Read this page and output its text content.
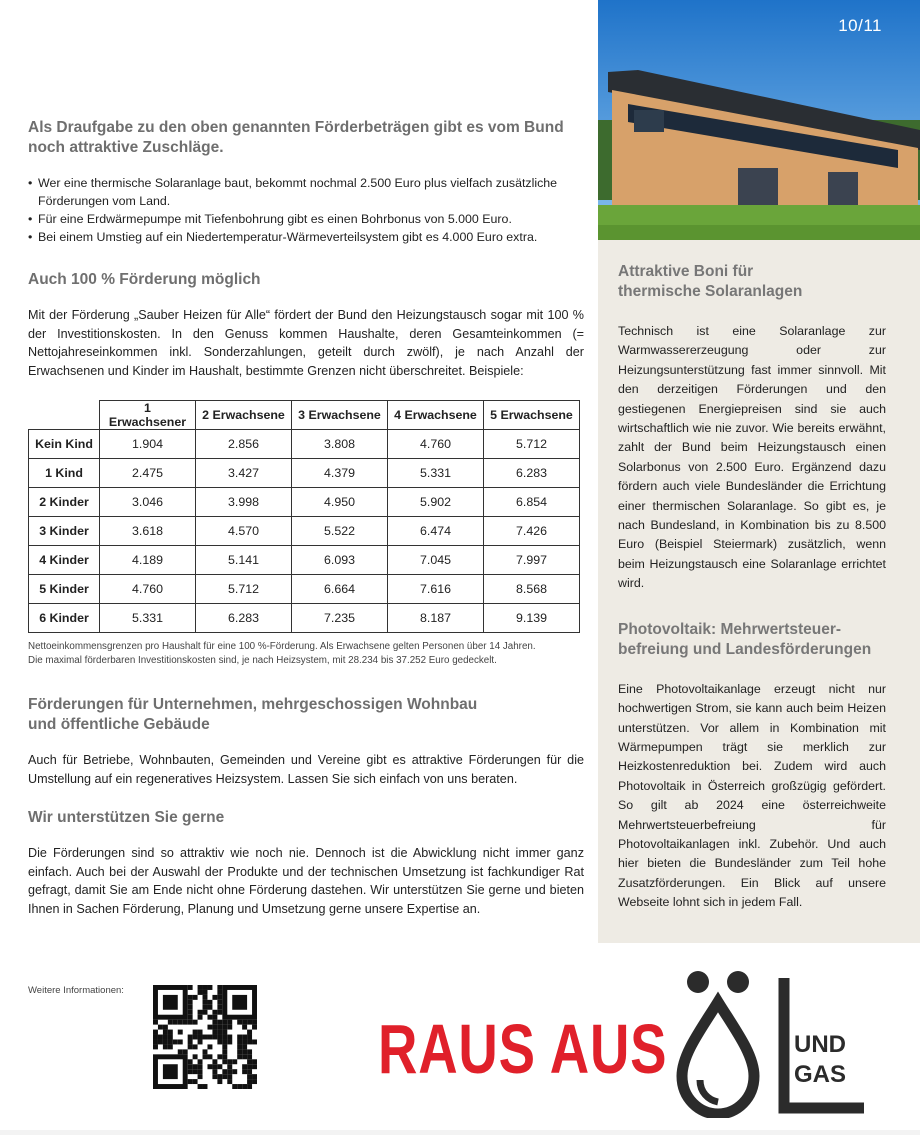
Als Draufgabe zu den oben genannten Förderbeträgen gibt es vom Bund
noch attraktive Zuschläge.
• Wer eine thermische Solaranlage baut, bekommt nochmal 2.500 Euro plus vielfach zusätzliche Förderungen vom Land.
• Für eine Erdwärmepumpe mit Tiefenbohrung gibt es einen Bohrbonus von 5.000 Euro.
• Bei einem Umstieg auf ein Niedertemperatur-Wärmeverteilsystem gibt es 4.000 Euro extra.
Auch 100 % Förderung möglich

Mit der Förderung „Sauber Heizen für Alle“ fördert der Bund den Heizungstausch sogar mit 100 % der Investitionskosten. In den Genuss kommen Haushalte, deren Gesamteinkommen (= Nettojahreseinkommen inkl. Sonderzahlungen, geteilt durch zwölf), je nach Anzahl der Erwachsenen und Kinder im Haushalt, bestimmte Grenzen nicht überschreitet. Beispiele:

	1 Erwachsener	2 Erwachsene	3 Erwachsene	4 Erwachsene	5 Erwachsene
Kein Kind	1.904	2.856	3.808	4.760	5.712
1 Kind	2.475	3.427	4.379	5.331	6.283
2 Kinder	3.046	3.998	4.950	5.902	6.854
3 Kinder	3.618	4.570	5.522	6.474	7.426
4 Kinder	4.189	5.141	6.093	7.045	7.997
5 Kinder	4.760	5.712	6.664	7.616	8.568
6 Kinder	5.331	6.283	7.235	8.187	9.139
Nettoeinkommensgrenzen pro Haushalt für eine 100 %-Förderung. Als Erwachsene gelten Personen über 14 Jahren.
Die maximal förderbaren Investitionskosten sind, je nach Heizsystem, mit 28.234 bis 37.252 Euro gedeckelt.
Förderungen für Unternehmen, mehrgeschossigen Wohnbau
und öffentliche Gebäude

Auch für Betriebe, Wohnbauten, Gemeinden und Vereine gibt es attraktive Förderungen für die Umstellung auf ein regeneratives Heizsystem. Lassen Sie sich einfach von uns beraten.

Wir unterstützen Sie gerne

Die Förderungen sind so attraktiv wie noch nie. Dennoch ist die Abwicklung nicht immer ganz einfach. Auch bei der Auswahl der Produkte und der technischen Umsetzung ist fachkundiger Rat gefragt, damit Sie am Ende nicht ohne Förderung dastehen. Wir unterstützen Sie gerne und bieten Ihnen in Sachen Förderung, Planung und Umsetzung gerne unsere Expertise an.

10/11
Attraktive Boni für
thermische Solaranlagen

Technisch ist eine Solaranlage zur Warmwassererzeugung oder zur Heizungsunterstützung fast immer sinnvoll. Mit den derzeitigen Förderungen und den gestiegenen Energiepreisen sind sie auch wirtschaftlich wie nie zuvor. Wie bereits erwähnt, zahlt der Bund beim Heizungstausch einen Solarbonus von 2.500 Euro. Ergänzend dazu fördern auch viele Bundesländer die Errichtung einer thermischen Solaranlage. So gibt es, je nach Bundesland, in Kombination bis zu 8.500 Euro (Beispiel Steiermark) zusätzlich, wenn beim Heizungstausch eine Solaranlage errichtet wird.

Photovoltaik: Mehrwertsteuer-
befreiung und Landesförderungen

Eine Photovoltaikanlage erzeugt nicht nur hochwertigen Strom, sie kann auch beim Heizen unterstützen. Vor allem in Kombination mit Wärmepumpen trägt sie merklich zur Heizkostenreduktion bei. Zudem wird auch Photovoltaik in Österreich großzügig gefördert. So gilt ab 2024 eine österreichweite Mehrwertsteuerbefreiung für Photovoltaikanlagen inkl. Zubehör. Und auch hier bieten die Bundesländer zum Teil hohe Zusatzförderungen. Ein Blick auf unsere Webseite lohnt sich in jedem Fall.

Weitere Informationen:
RAUS AUS	UND
GAS
